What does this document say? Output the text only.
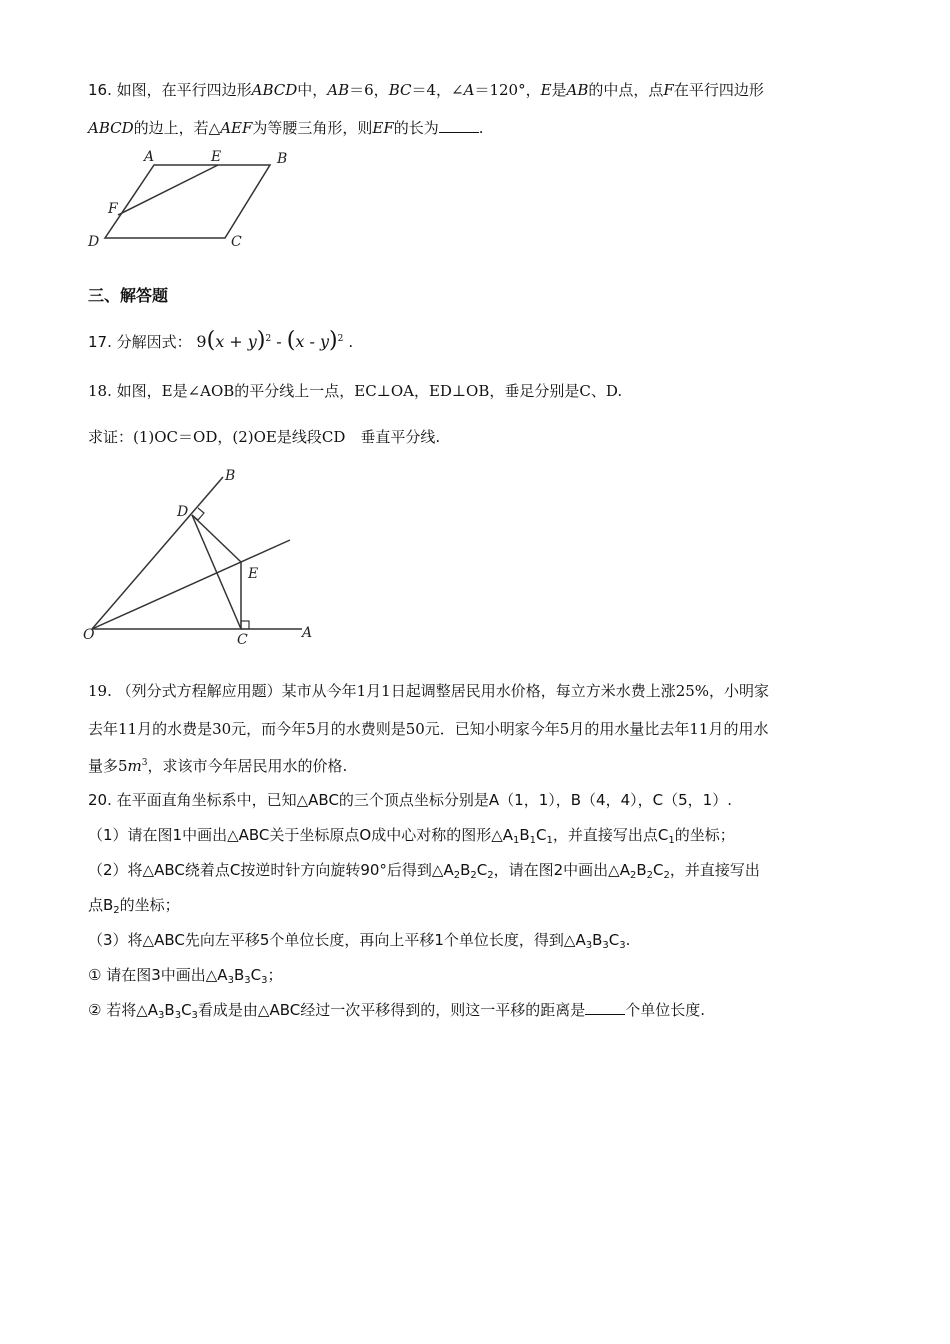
16. 如图，在平行四边形ABCD中，AB＝6，BC＝4，∠A＝120°，E是AB的中点，点F在平行四边形
ABCD的边上，若△AEF为等腰三角形，则EF的长为	.
A	E	B
F
D	C
三、解答题
17. 分解因式： $9(x + y)^2 - (x - y)^2$ .
18. 如图，E是∠AOB的平分线上一点，EC⊥OA，ED⊥OB，垂足分别是C、D.
求证：(1)OC＝OD，(2)OE是线段CD　垂直平分线.
B
D
E
O	C	A
19. （列分式方程解应用题）某市从今年1月1日起调整居民用水价格，每立方米水费上涨25%，小明家
去年11月的水费是30元，而今年5月的水费则是50元．已知小明家今年5月的用水量比去年11月的用水
量多$5m^3$，求该市今年居民用水的价格.
20. 在平面直角坐标系中，已知△ABC的三个顶点坐标分别是A（1，1），B（4，4），C（5，1）.
（1）请在图1中画出△ABC关于坐标原点O成中心对称的图形$\triangle A_1B_1C_1$，并直接写出点$C_1$的坐标；
（2）将△ABC绕着点C按逆时针方向旋转90°后得到$\triangle A_2B_2C_2$，请在图2中画出$\triangle A_2B_2C_2$，并直接写出
点$B_2$的坐标；
（3）将△ABC先向左平移5个单位长度，再向上平移1个单位长度，得到$\triangle A_3B_3C_3$.
① 请在图3中画出$\triangle A_3B_3C_3$；
② 若将$\triangle A_3B_3C_3$看成是由△ABC经过一次平移得到的，则这一平移的距离是	个单位长度.
